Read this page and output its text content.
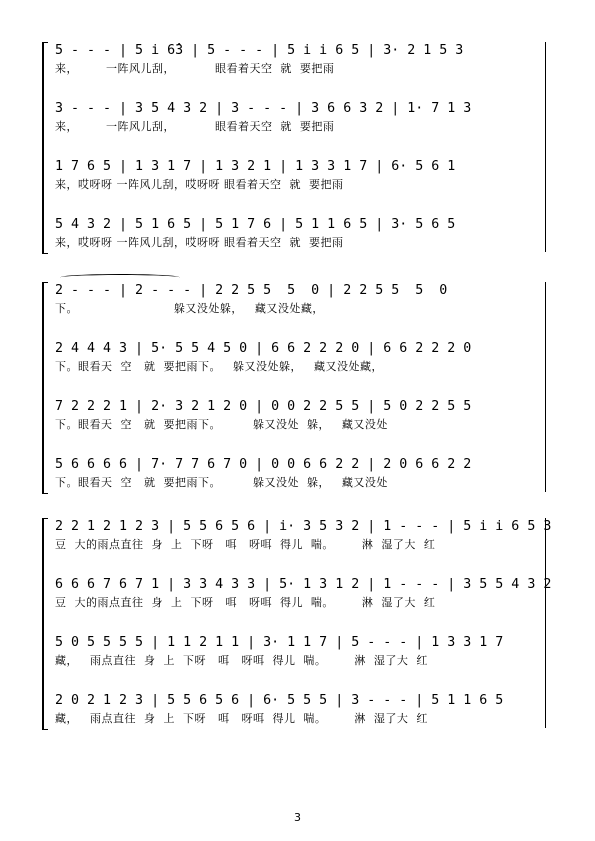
5 - - - | 5 i 6̂3 | 5 - - - | 5 i i 6 5 | 3· 2 1 5 3
来，       一阵风儿刮，          眼看着天空  就  要把雨
3 - - - | 3 5 4 3 2 | 3 - - - | 3 6 6 3 2 | 1· 7 1 3
来，       一阵风儿刮，          眼看着天空  就  要把雨
1 7 6 5 | 1 3 1 7 | 1 3 2 1 | 1 3 3 1 7 | 6· 5 6 1
来，哎呀呀 一阵风儿刮，哎呀呀 眼看着天空  就  要把雨
5 4 3 2 | 5 1 6 5 | 5 1 7 6 | 5 1 1 6 5 | 3· 5 6 5
来，哎呀呀 一阵风儿刮，哎呀呀 眼看着天空  就  要把雨
2 - - - | 2 - - - | 2 2 5 5  5  0 | 2 2 5 5  5  0
下。                        躲又没处躲，   藏又没处藏，
2 4 4 4 3 | 5· 5 5 4 5 0 | 6 6 2 2 2 0 | 6 6 2 2 2 0
下。眼看天  空   就  要把雨下。   躲又没处躲，   藏又没处藏，
7 2 2 2 1 | 2· 3 2 1 2 0 | 0 0 2 2 5 5 | 5 0 2 2 5 5
下。眼看天  空   就  要把雨下。        躲又没处  躲，   藏又没处
5 6 6 6 6 | 7· 7 7 6 7 0 | 0 0 6 6 2 2 | 2 0 6 6 2 2
下。眼看天  空   就  要把雨下。        躲又没处  躲，   藏又没处
2 2 1 2 1 2 3 | 5 5 6 5 6 | i· 3 5 3 2 | 1 - - - | 5 i i 6 5 3
豆  大的雨点直往  身  上  下呀   咡   呀咡  得儿  喘。       淋  湿了大  红
6 6 6 7 6 7 1 | 3 3 4 3 3 | 5· 1 3 1 2 | 1 - - - | 3 5 5 4 3 2
豆  大的雨点直往  身  上  下呀   咡   呀咡  得儿  喘。       淋  湿了大  红
5 0 5 5 5 5 | 1 1 2 1 1 | 3· 1 1 7 | 5 - - - | 1 3 3 1 7
藏，   雨点直往  身  上  下呀   咡   呀咡  得儿  喘。       淋  湿了大  红
2 0 2 1 2 3 | 5 5 6 5 6 | 6· 5 5 5 | 3 - - - | 5 1 1 6 5
藏，   雨点直往  身  上  下呀   咡   呀咡  得儿  喘。       淋  湿了大  红
3
